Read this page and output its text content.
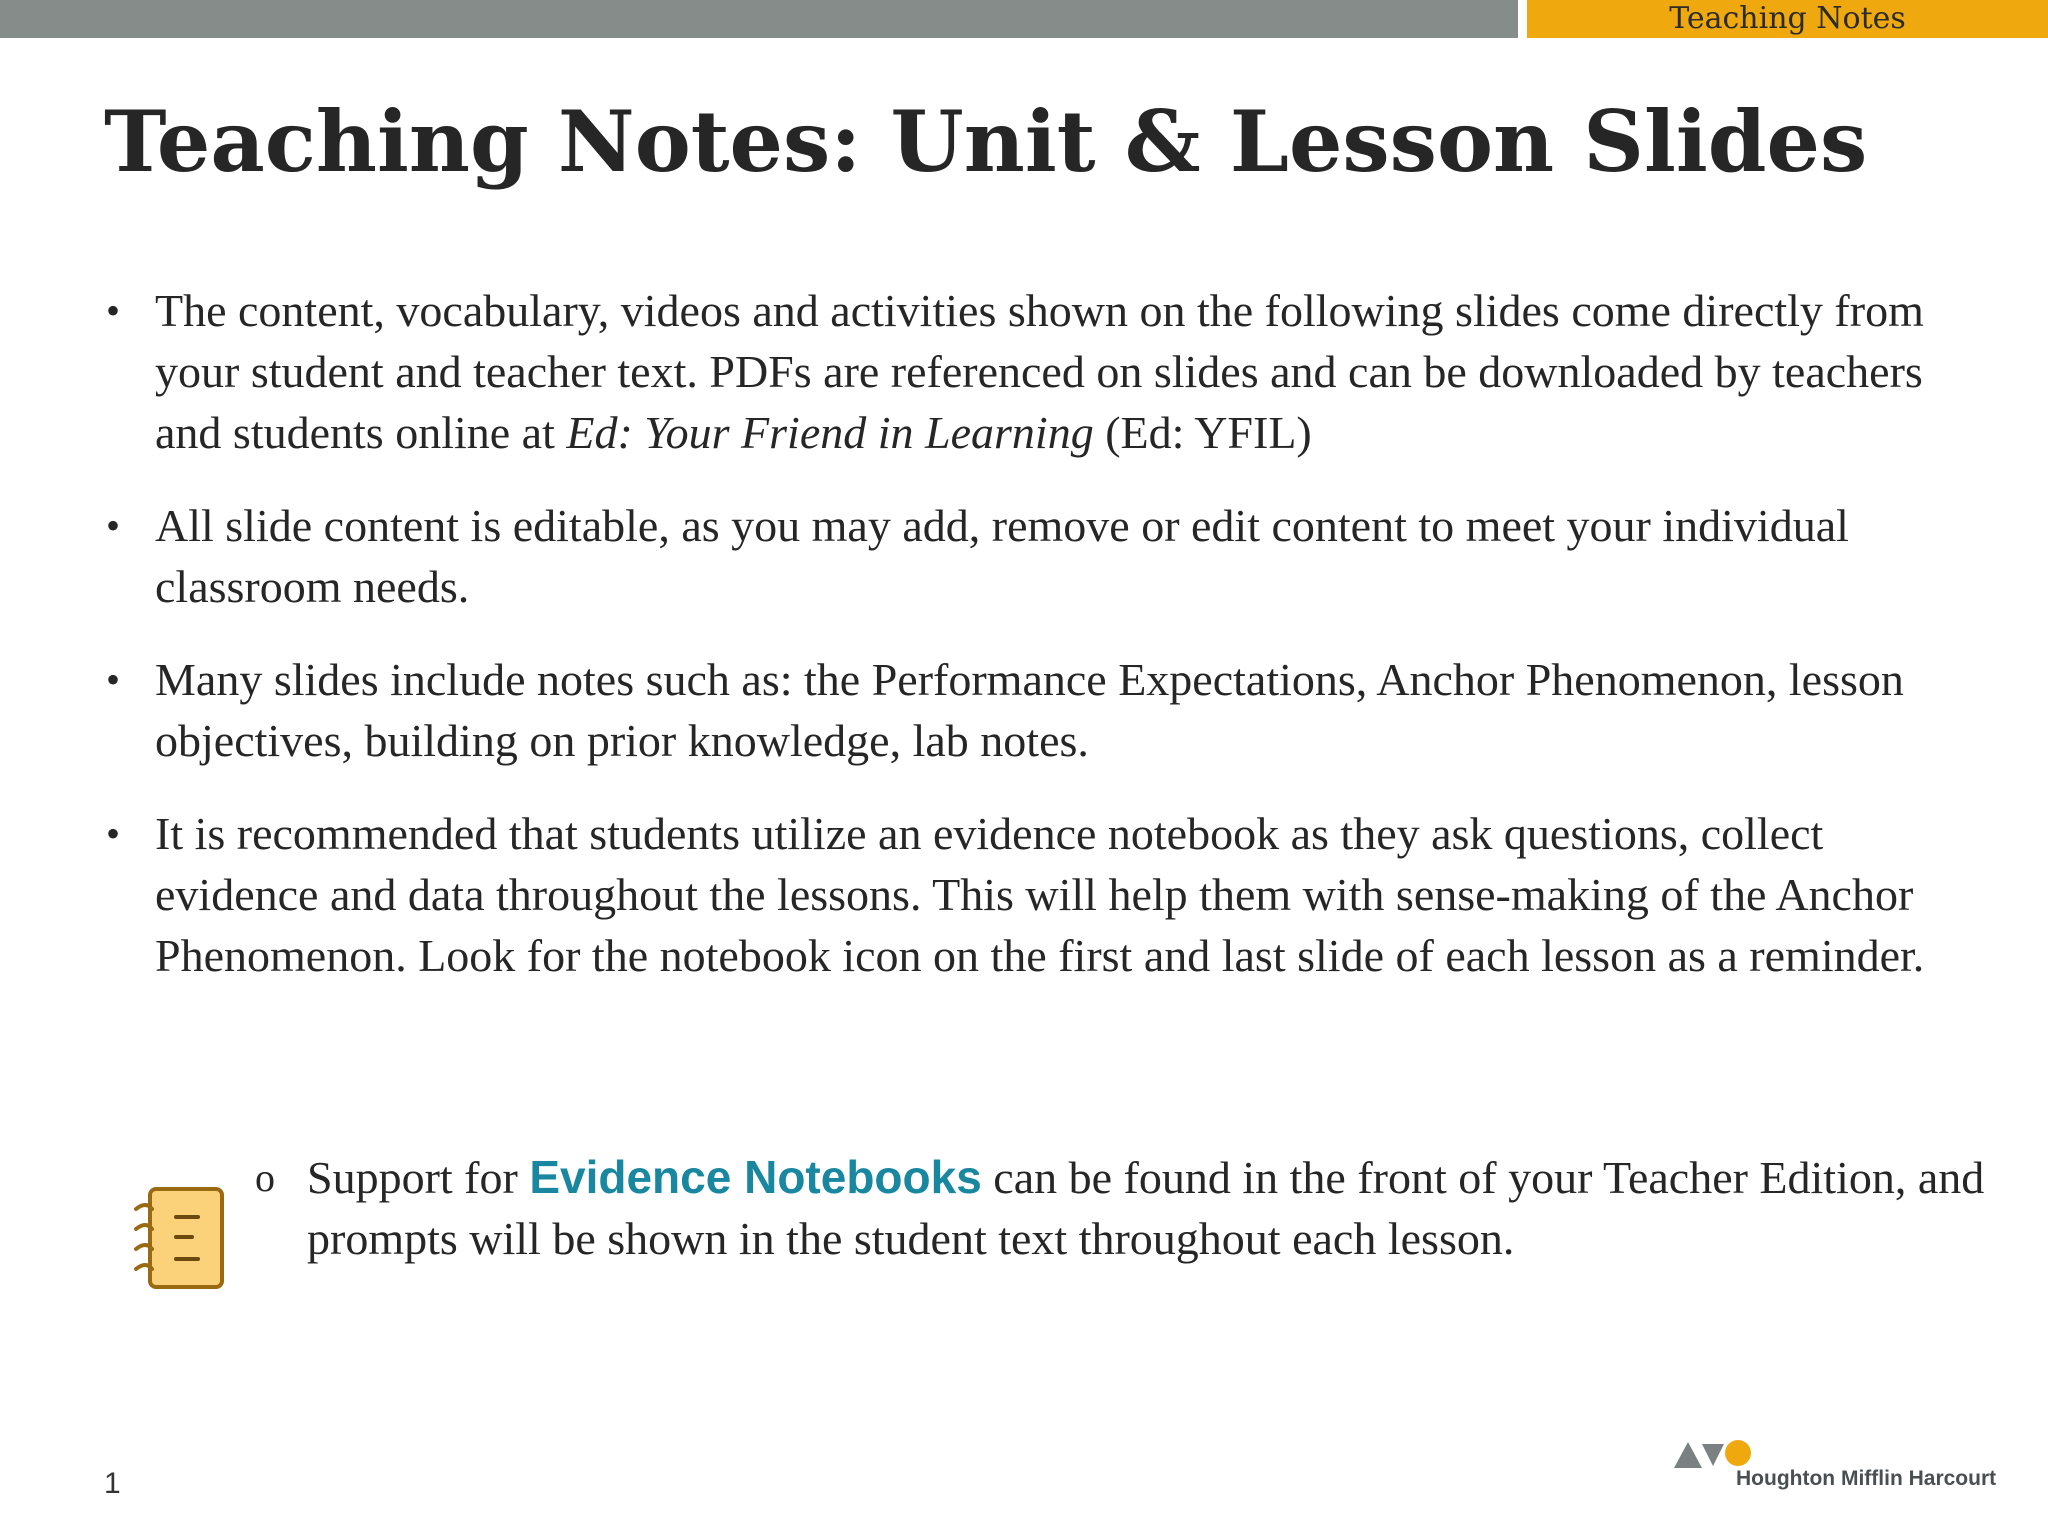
Teaching Notes
Teaching Notes: Unit & Lesson Slides
• The content, vocabulary, videos and activities shown on the following slides come directly from your student and teacher text. PDFs are referenced on slides and can be downloaded by teachers and students online at Ed: Your Friend in Learning (Ed: YFIL)
• All slide content is editable, as you may add, remove or edit content to meet your individual classroom needs.
• Many slides include notes such as: the Performance Expectations, Anchor Phenomenon, lesson objectives, building on prior knowledge, lab notes.
• It is recommended that students utilize an evidence notebook as they ask questions, collect evidence and data throughout the lessons. This will help them with sense-making of the Anchor Phenomenon. Look for the notebook icon on the first and last slide of each lesson as a reminder.
o Support for Evidence Notebooks can be found in the front of your Teacher Edition, and prompts will be shown in the student text throughout each lesson.
1	Houghton Mifflin Harcourt
